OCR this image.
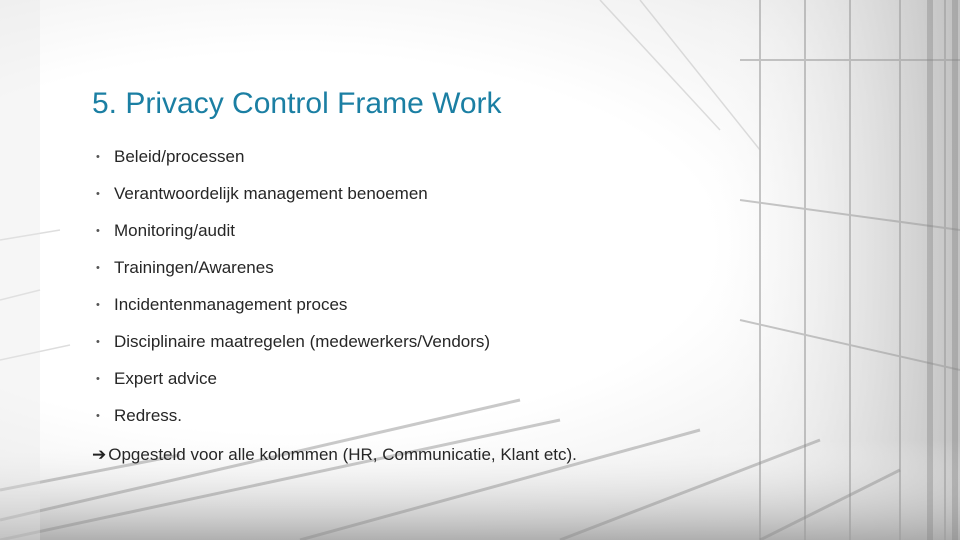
5. Privacy Control Frame Work
• Beleid/processen
• Verantwoordelijk management benoemen
• Monitoring/audit
• Trainingen/Awarenes
• Incidentenmanagement proces
• Disciplinaire maatregelen (medewerkers/Vendors)
• Expert advice
• Redress.
➔ Opgesteld voor alle kolommen (HR, Communicatie, Klant etc).
